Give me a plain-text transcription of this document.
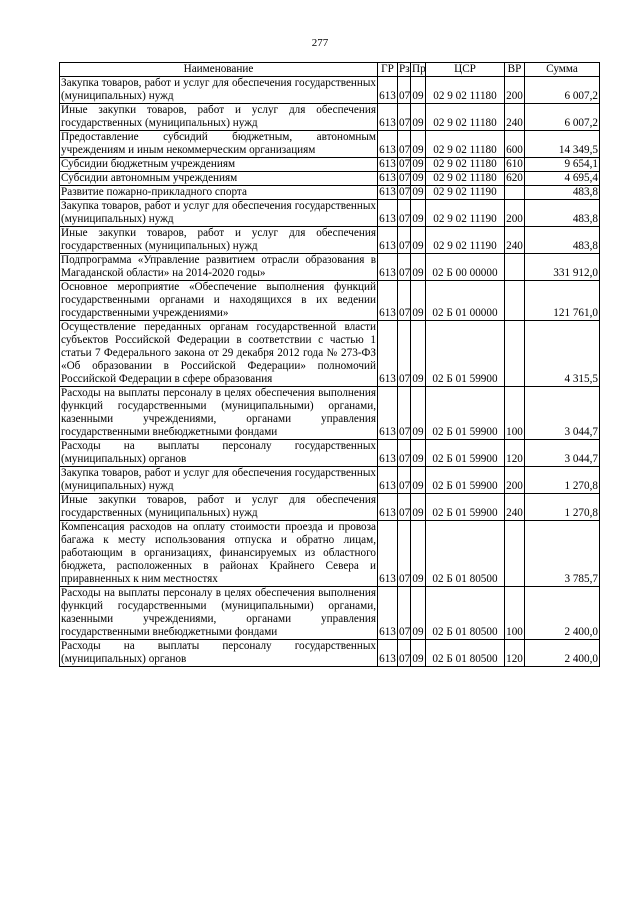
277
Наименование	ГР	Рз	Пр	ЦСР	ВР	Сумма
Закупка товаров, работ и услуг для обеспечения государственных (муниципальных) нужд	613	07	09	02 9 02 11180	200	6 007,2
Иные закупки товаров, работ и услуг для обеспечения государственных (муниципальных) нужд	613	07	09	02 9 02 11180	240	6 007,2
Предоставление субсидий бюджетным, автономным учреждениям и иным некоммерческим организациям	613	07	09	02 9 02 11180	600	14 349,5
Субсидии бюджетным учреждениям	613	07	09	02 9 02 11180	610	9 654,1
Субсидии автономным учреждениям	613	07	09	02 9 02 11180	620	4 695,4
Развитие пожарно-прикладного спорта	613	07	09	02 9 02 11190		483,8
Закупка товаров, работ и услуг для обеспечения государственных (муниципальных) нужд	613	07	09	02 9 02 11190	200	483,8
Иные закупки товаров, работ и услуг для обеспечения государственных (муниципальных) нужд	613	07	09	02 9 02 11190	240	483,8
Подпрограмма «Управление развитием отрасли образования в Магаданской области» на 2014-2020 годы»	613	07	09	02 Б 00 00000		331 912,0
Основное мероприятие «Обеспечение выполнения функций государственными органами и находящихся в их ведении государственными учреждениями»	613	07	09	02 Б 01 00000		121 761,0
Осуществление переданных органам государственной власти субъектов Российской Федерации в соответствии с частью 1 статьи 7 Федерального закона от 29 декабря 2012 года № 273-ФЗ «Об образовании в Российской Федерации» полномочий Российской Федерации в сфере образования	613	07	09	02 Б 01 59900		4 315,5
Расходы на выплаты персоналу в целях обеспечения выполнения функций государственными (муниципальными) органами, казенными учреждениями, органами управления государственными внебюджетными фондами	613	07	09	02 Б 01 59900	100	3 044,7
Расходы на выплаты персоналу государственных (муниципальных) органов	613	07	09	02 Б 01 59900	120	3 044,7
Закупка товаров, работ и услуг для обеспечения государственных (муниципальных) нужд	613	07	09	02 Б 01 59900	200	1 270,8
Иные закупки товаров, работ и услуг для обеспечения государственных (муниципальных) нужд	613	07	09	02 Б 01 59900	240	1 270,8
Компенсация расходов на оплату стоимости проезда и провоза багажа к месту использования отпуска и обратно лицам, работающим в организациях, финансируемых из областного бюджета, расположенных в районах Крайнего Севера и приравненных к ним местностях	613	07	09	02 Б 01 80500		3 785,7
Расходы на выплаты персоналу в целях обеспечения выполнения функций государственными (муниципальными) органами, казенными учреждениями, органами управления государственными внебюджетными фондами	613	07	09	02 Б 01 80500	100	2 400,0
Расходы на выплаты персоналу государственных (муниципальных) органов	613	07	09	02 Б 01 80500	120	2 400,0
